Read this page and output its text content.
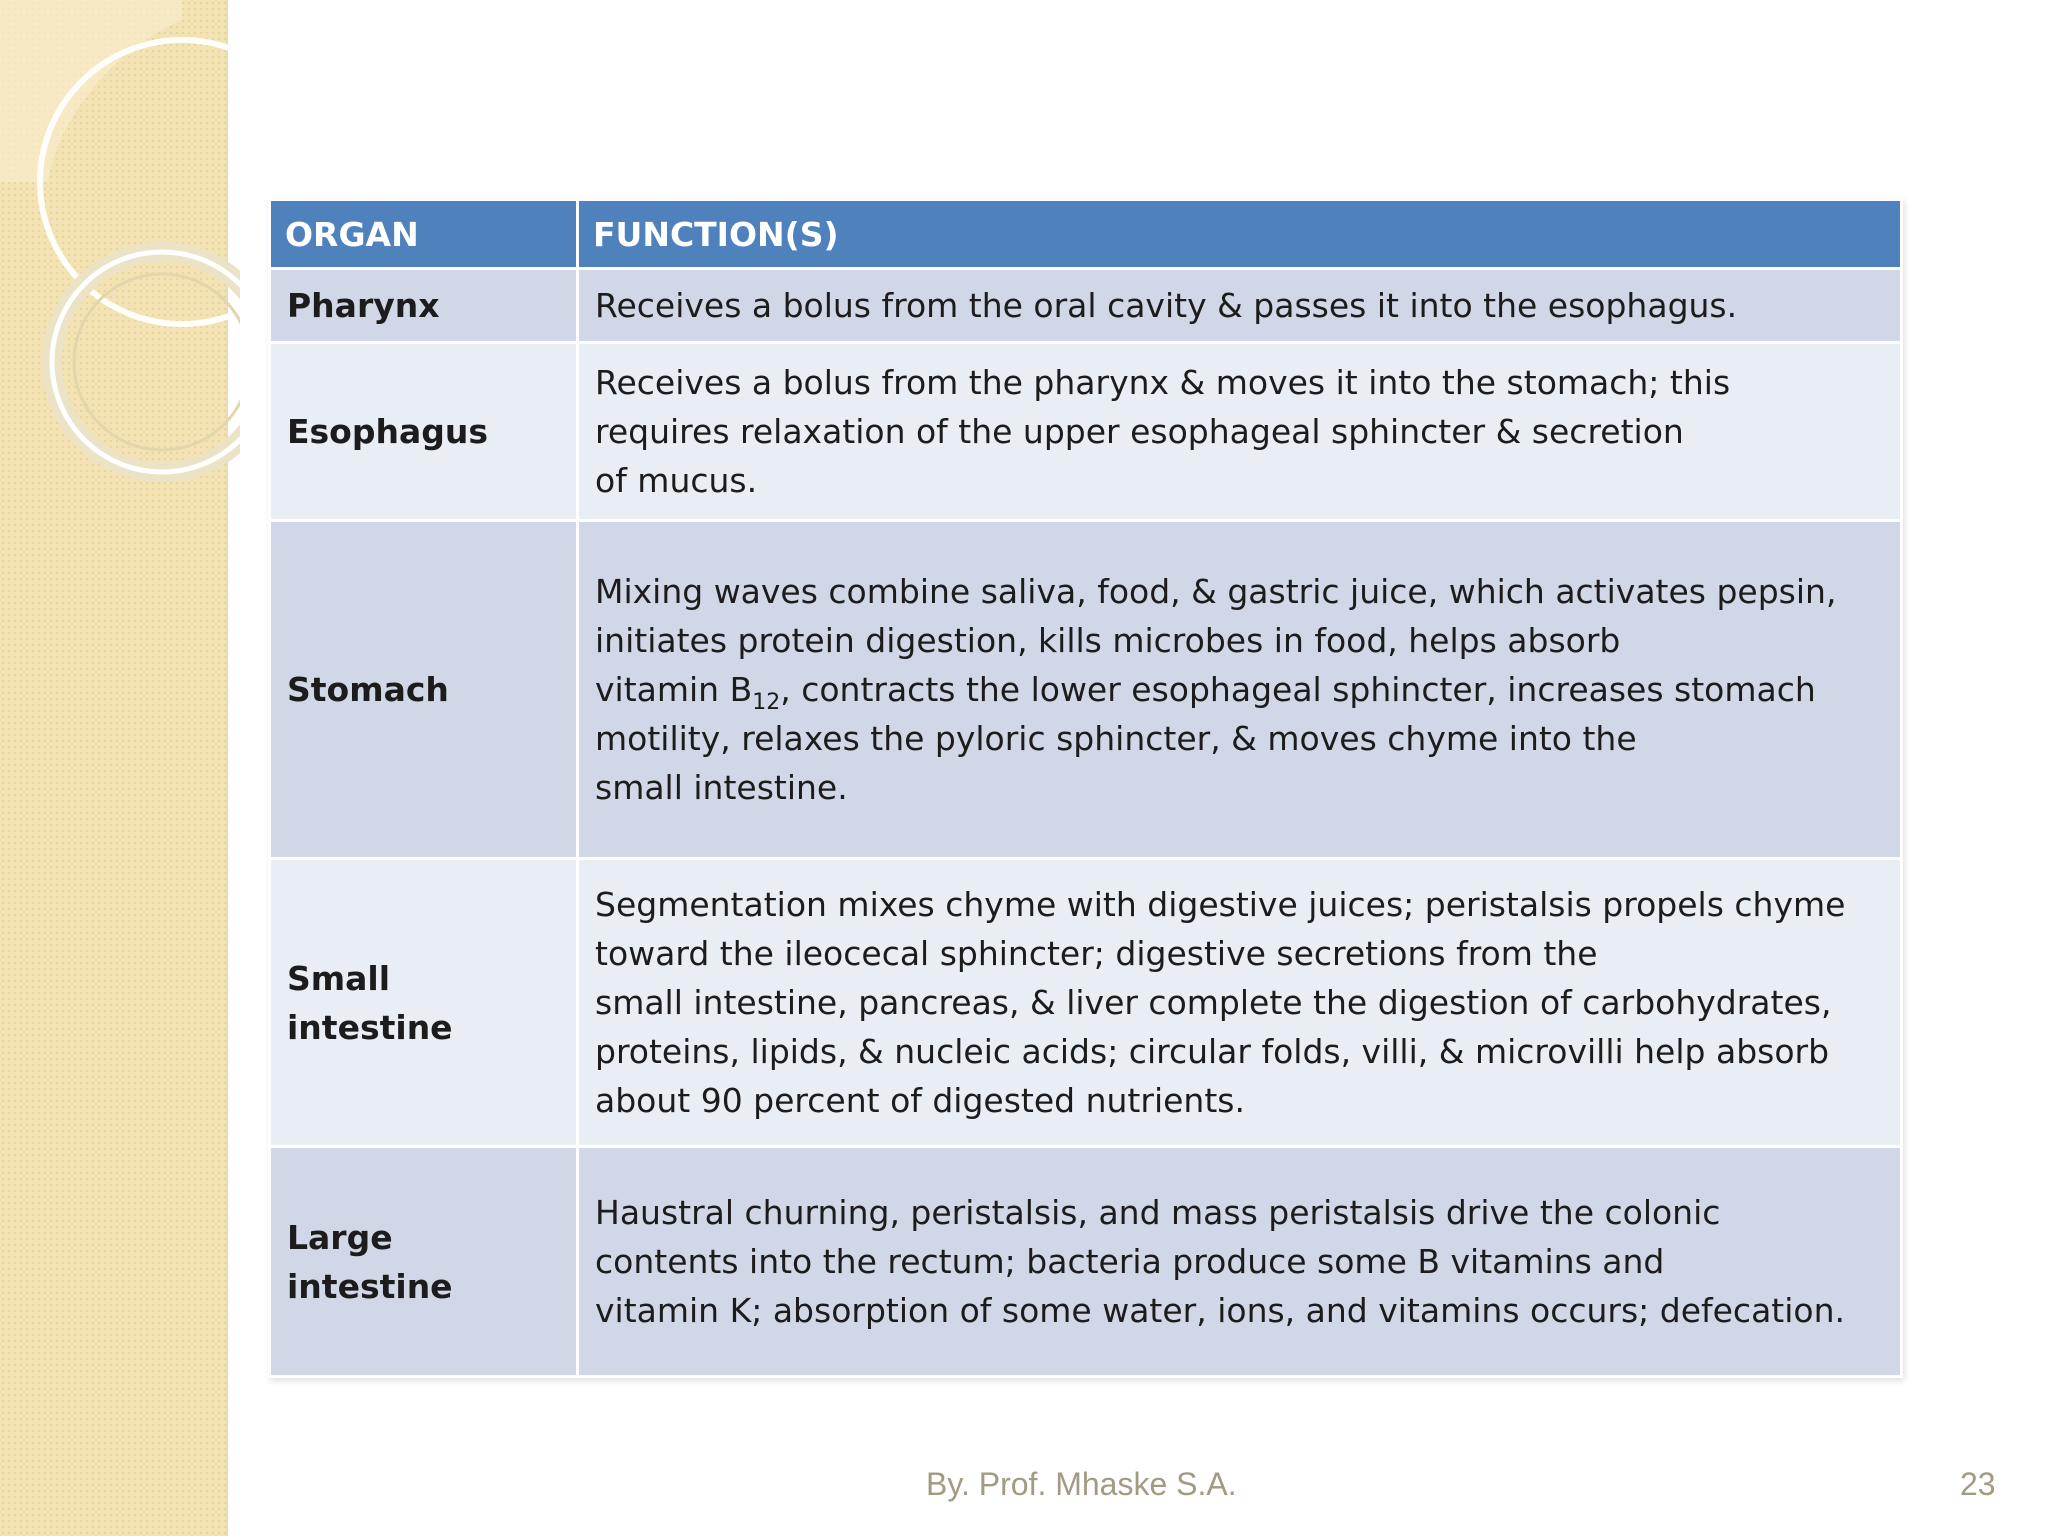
ORGAN	FUNCTION(S)
Pharynx	Receives a bolus from the oral cavity & passes it into the esophagus.

Esophagus	Receives a bolus from the pharynx & moves it into the stomach; this
requires relaxation of the upper esophageal sphincter & secretion
of mucus.

Stomach	Mixing waves combine saliva, food, & gastric juice, which activates pepsin,
initiates protein digestion, kills microbes in food, helps absorb
vitamin $B_{12}$, contracts the lower esophageal sphincter, increases stomach
motility, relaxes the pyloric sphincter, & moves chyme into the
small intestine.

Small intestine	Segmentation mixes chyme with digestive juices; peristalsis propels chyme
toward the ileocecal sphincter; digestive secretions from the
small intestine, pancreas, & liver complete the digestion of carbohydrates,
proteins, lipids, & nucleic acids; circular folds, villi, & microvilli help absorb
about 90 percent of digested nutrients.

Large intestine	Haustral churning, peristalsis, and mass peristalsis drive the colonic
contents into the rectum; bacteria produce some B vitamins and
vitamin K; absorption of some water, ions, and vitamins occurs; defecation.
By. Prof. Mhaske S.A.	23
